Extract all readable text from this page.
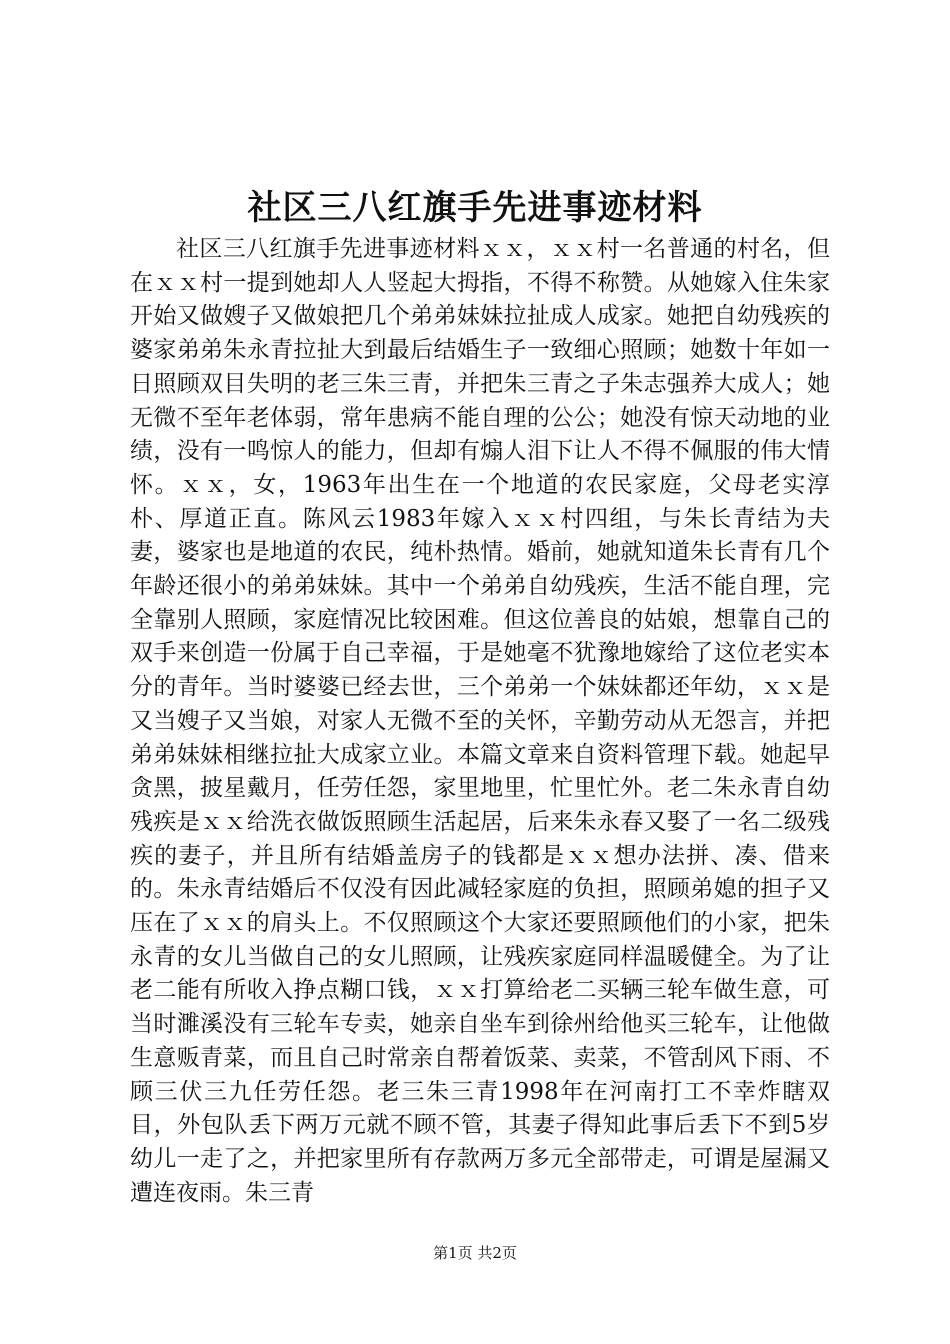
社区三八红旗手先进事迹材料

社区三八红旗手先进事迹材料ｘｘ，ｘｘ村一名普通的村名，但在ｘｘ村一提到她却人人竖起大拇指，不得不称赞。从她嫁入住朱家开始又做嫂子又做娘把几个弟弟妹妹拉扯成人成家。她把自幼残疾的婆家弟弟朱永青拉扯大到最后结婚生子一致细心照顾；她数十年如一日照顾双目失明的老三朱三青，并把朱三青之子朱志强养大成人；她无微不至年老体弱，常年患病不能自理的公公；她没有惊天动地的业绩，没有一鸣惊人的能力，但却有煽人泪下让人不得不佩服的伟大情怀。ｘｘ，女，1963年出生在一个地道的农民家庭，父母老实淳朴、厚道正直。陈风云1983年嫁入ｘｘ村四组，与朱长青结为夫妻，婆家也是地道的农民，纯朴热情。婚前，她就知道朱长青有几个年龄还很小的弟弟妹妹。其中一个弟弟自幼残疾，生活不能自理，完全靠别人照顾，家庭情况比较困难。但这位善良的姑娘，想靠自己的双手来创造一份属于自己幸福，于是她毫不犹豫地嫁给了这位老实本分的青年。当时婆婆已经去世，三个弟弟一个妹妹都还年幼，ｘｘ是又当嫂子又当娘，对家人无微不至的关怀，辛勤劳动从无怨言，并把弟弟妹妹相继拉扯大成家立业。本篇文章来自资料管理下载。她起早贪黑，披星戴月，任劳任怨，家里地里，忙里忙外。老二朱永青自幼残疾是ｘｘ给洗衣做饭照顾生活起居，后来朱永春又娶了一名二级残疾的妻子，并且所有结婚盖房子的钱都是ｘｘ想办法拼、凑、借来的。朱永青结婚后不仅没有因此减轻家庭的负担，照顾弟媳的担子又压在了ｘｘ的肩头上。不仅照顾这个大家还要照顾他们的小家，把朱永青的女儿当做自己的女儿照顾，让残疾家庭同样温暖健全。为了让老二能有所收入挣点糊口钱，ｘｘ打算给老二买辆三轮车做生意，可当时濉溪没有三轮车专卖，她亲自坐车到徐州给他买三轮车，让他做生意贩青菜，而且自己时常亲自帮着饭菜、卖菜，不管刮风下雨、不顾三伏三九任劳任怨。老三朱三青1998年在河南打工不幸炸瞎双目，外包队丢下两万元就不顾不管，其妻子得知此事后丢下不到5岁幼儿一走了之，并把家里所有存款两万多元全部带走，可谓是屋漏又遭连夜雨。朱三青

第1页 共2页
